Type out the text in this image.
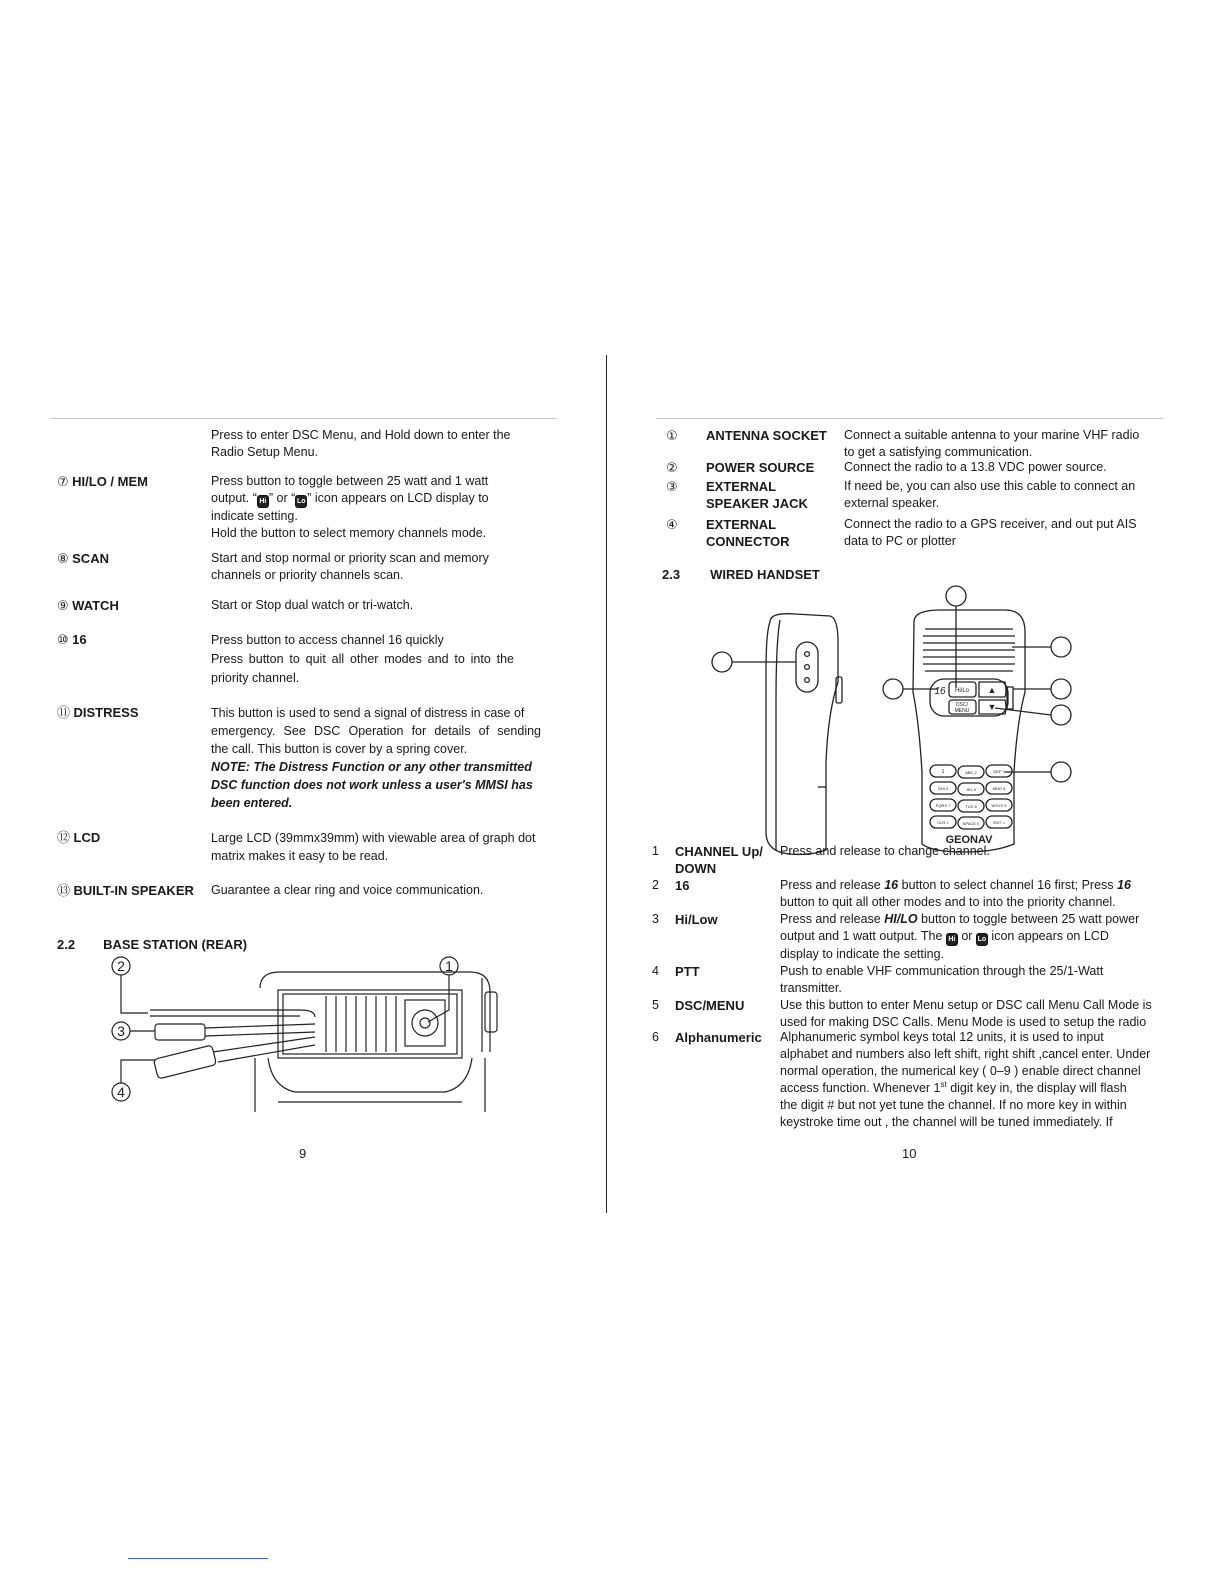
Press to enter DSC Menu, and Hold down to enter the

Radio Setup Menu.

⑦ HI/LO / MEM	Press button to toggle between 25 watt and 1 watt

output. “ Hi ” or “ Lo ” icon appears on LCD display to

indicate setting.

Hold the button to select memory channels mode.

⑧ SCAN	Start and stop normal or priority scan and memory

channels or priority channels scan.

⑨ WATCH	Start or Stop dual watch or tri-watch.

⑩ 16	Press button to access channel 16 quickly

Press button to quit all other modes and to into the

priority channel.

⑪ DISTRESS	This button is used to send a signal of distress in case of

emergency. See DSC Operation for details of sending

the call. This button is cover by a spring cover.

NOTE: The Distress Function or any other transmitted

DSC function does not work unless a user's MMSI has

been entered.

⑫ LCD	Large LCD (39mmx39mm) with viewable area of graph dot

matrix makes it easy to be read.

⑬ BUILT-IN SPEAKER Guarantee a clear ring and voice communication.

2.2 BASE STATION (REAR)
2	1
3
4
9
① ANTENNA SOCKET Connect a suitable antenna to your marine VHF radio

to get a satisfying communication.

② POWER SOURCE Connect the radio to a 13.8 VDC power source.

③ EXTERNAL

SPEAKER JACK

If need be, you can also use this cable to connect an

external speaker.

④ EXTERNAL

CONNECTOR

Connect the radio to a GPS receiver, and out put AIS

data to PC or plotter

2.3 WIRED HANDSET
Hi/Lo
16
DSC/
MENU
▲
▼
1	ABC 2	DEF 3
GHI 4	JKL 5	MNO 6
PQRS 7	TUV 8	WXYZ 9
CLR <	SPACE 0	ENT >
GEONAV
1 CHANNEL Up/

DOWN

Press and release to change channel.

2 16	Press and release 16 button to select channel 16 first; Press 16

button to quit all other modes and to into the priority channel.

3 Hi/Low	Press and release HI/LO button to toggle between 25 watt power

output and 1 watt output. The Hi or Lo icon appears on LCD

display to indicate the setting.

4 PTT	Push to enable VHF communication through the 25/1-Watt

transmitter.

5 DSC/MENU	Use this button to enter Menu setup or DSC call Menu Call Mode is

used for making DSC Calls. Menu Mode is used to setup the radio

6 Alphanumeric Alphanumeric symbol keys total 12 units, it is used to input

alphabet and numbers also left shift, right shift ,cancel enter. Under

normal operation, the numerical key ( 0–9 ) enable direct channel

access function. Whenever 1st digit key in, the display will flash

the digit # but not yet tune the channel. If no more key in within

keystroke time out , the channel will be tuned immediately. If

10
